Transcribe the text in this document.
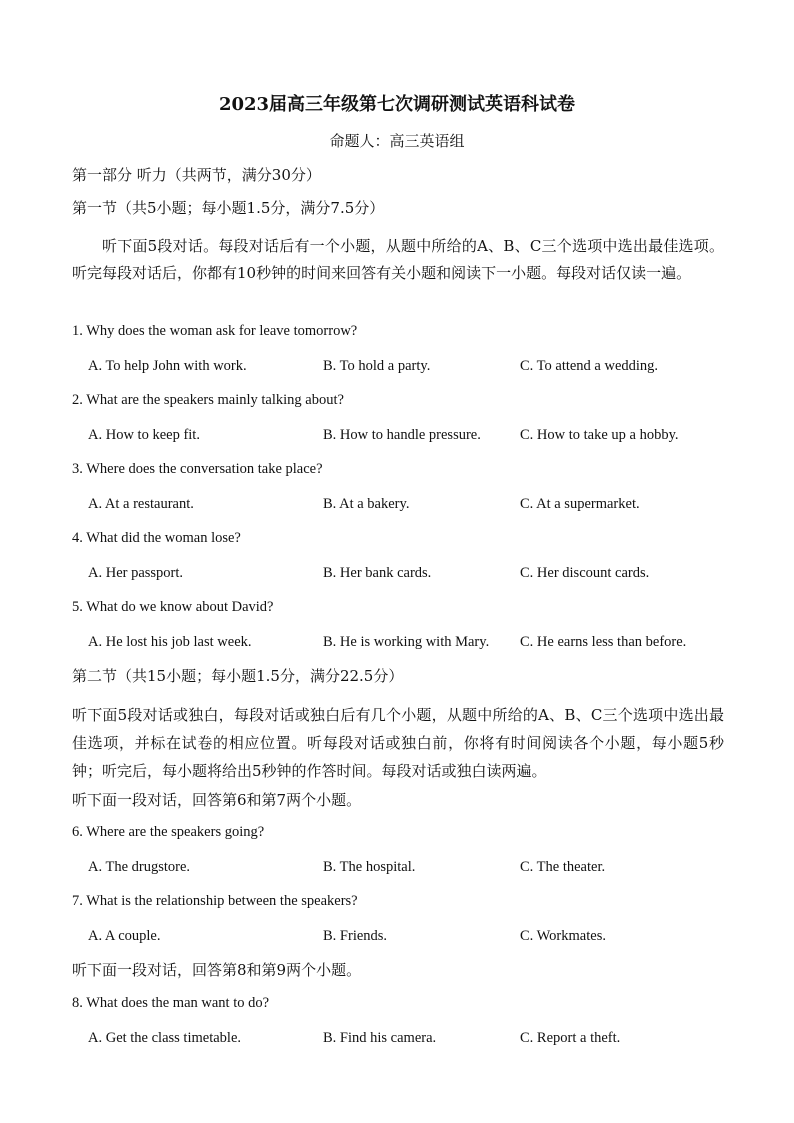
2023届高三年级第七次调研测试英语科试卷
命题人：高三英语组
第一部分 听力（共两节，满分30分）
第一节（共5小题；每小题1.5分，满分7.5分）
听下面5段对话。每段对话后有一个小题，从题中所给的A、B、C三个选项中选出最佳选项。听完每段对话后，你都有10秒钟的时间来回答有关小题和阅读下一小题。每段对话仅读一遍。
1. Why does the woman ask for leave tomorrow?
A. To help John with work.	B. To hold a party.	C. To attend a wedding.
2. What are the speakers mainly talking about?
A. How to keep fit.	B. How to handle pressure.	C. How to take up a hobby.
3. Where does the conversation take place?
A. At a restaurant.	B. At a bakery.	C. At a supermarket.
4. What did the woman lose?
A. Her passport.	B. Her bank cards.	C. Her discount cards.
5. What do we know about David?
A. He lost his job last week.	B. He is working with Mary. C. He earns less than before.
第二节（共15小题；每小题1.5分，满分22.5分）
听下面5段对话或独白，每段对话或独白后有几个小题，从题中所给的A、B、C三个选项中选出最佳选项，并标在试卷的相应位置。听每段对话或独白前，你将有时间阅读各个小题，每小题5秒钟；听完后，每小题将给出5秒钟的作答时间。每段对话或独白读两遍。
听下面一段对话，回答第6和第7两个小题。
6. Where are the speakers going?
A. The drugstore.	B. The hospital.	C. The theater.
7. What is the relationship between the speakers?
A. A couple.	B. Friends.	C. Workmates.
听下面一段对话，回答第8和第9两个小题。
8. What does the man want to do?
A. Get the class timetable.	B. Find his camera.	C. Report a theft.
